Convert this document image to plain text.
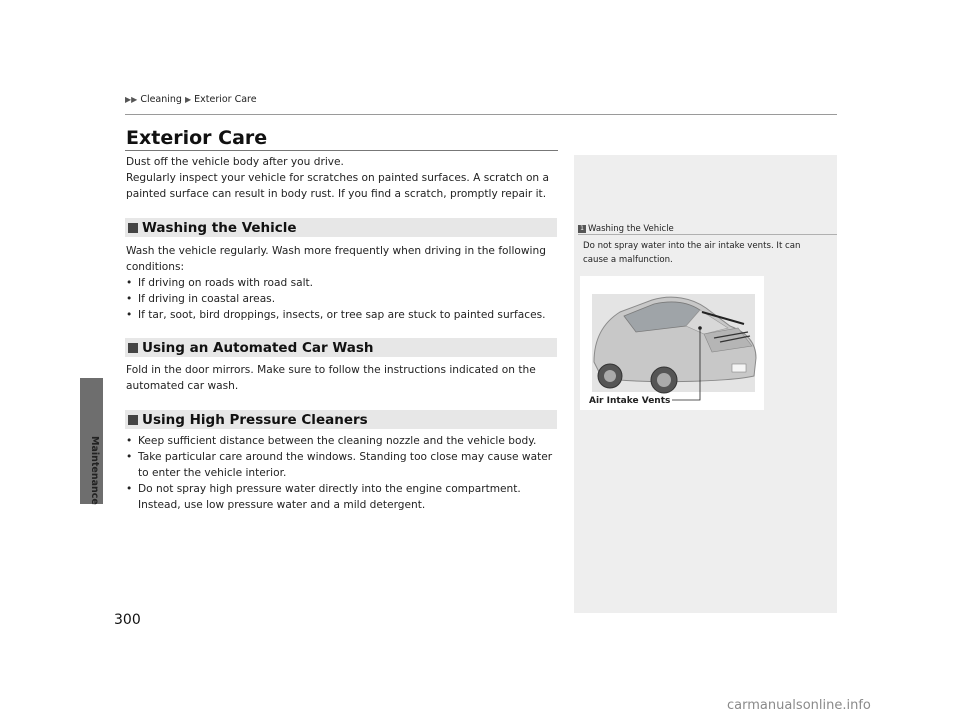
▶▶ Cleaning ▶ Exterior Care
Maintenance
Exterior Care

Dust off the vehicle body after you drive.

Regularly inspect your vehicle for scratches on painted surfaces. A scratch on a painted surface can result in body rust. If you find a scratch, promptly repair it.

Washing the Vehicle
Wash the vehicle regularly. Wash more frequently when driving in the following conditions:
• If driving on roads with road salt.
• If driving in coastal areas.
• If tar, soot, bird droppings, insects, or tree sap are stuck to painted surfaces.
Using an Automated Car Wash
Fold in the door mirrors. Make sure to follow the instructions indicated on the automated car wash.
Using High Pressure Cleaners
• Keep sufficient distance between the cleaning nozzle and the vehicle body.
• Take particular care around the windows. Standing too close may cause water to enter the vehicle interior.
• Do not spray high pressure water directly into the engine compartment. Instead, use low pressure water and a mild detergent.
1 Washing the Vehicle
Do not spray water into the air intake vents. It can cause a malfunction.
Air Intake Vents
300
carmanualsonline.info
